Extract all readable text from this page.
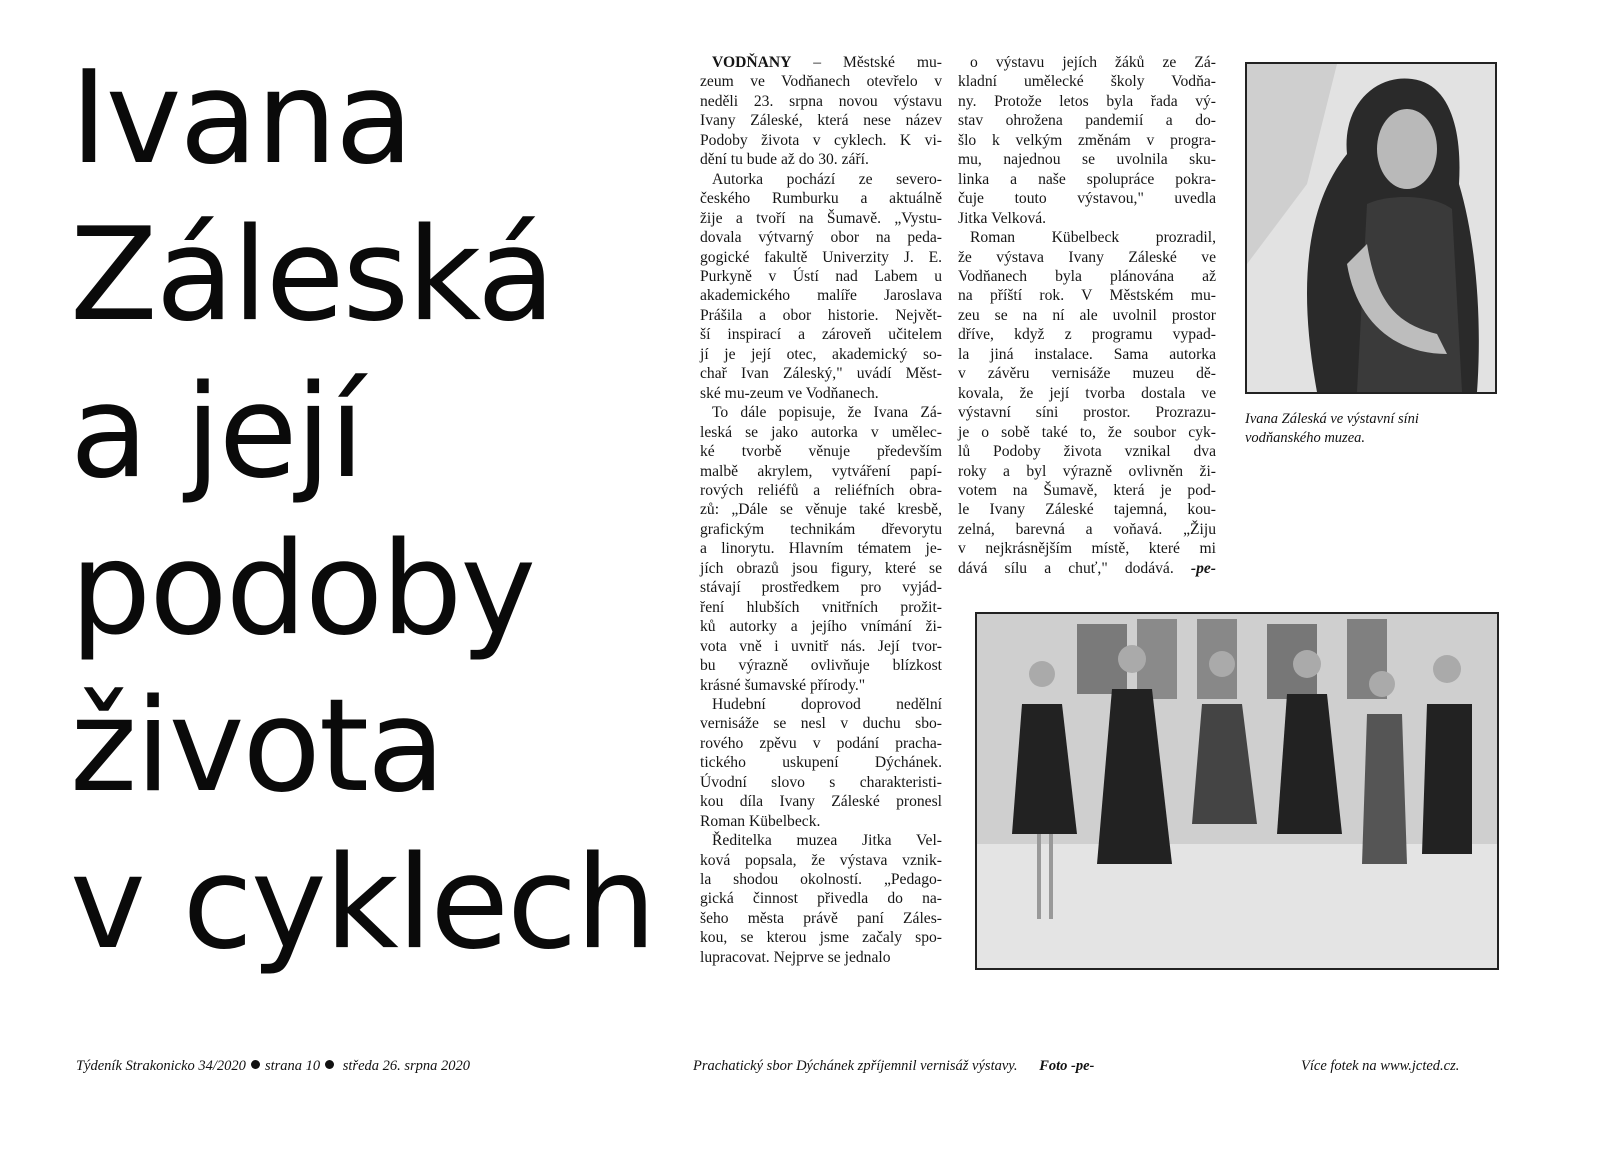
Ivana
Záleská
a její
podoby
života
v cyklech

VODŇANY – Městské mu-
zeum ve Vodňanech otevřelo v
neděli 23. srpna novou výstavu
Ivany Záleské, která nese název
Podoby života v cyklech. K vi-
dění tu bude až do 30. září.

Autorka pochází ze severo-
českého Rumburku a aktuálně
žije a tvoří na Šumavě. „Vystu-
dovala výtvarný obor na peda-
gogické fakultě Univerzity J. E.
Purkyně v Ústí nad Labem u
akademického malíře Jaroslava
Prášila a obor historie. Největ-
ší inspirací a zároveň učitelem
jí je její otec, akademický so-
chař Ivan Záleský," uvádí Měst-
ské mu-zeum ve Vodňanech.

To dále popisuje, že Ivana Zá-
leská se jako autorka v umělec-
ké tvorbě věnuje především
malbě akrylem, vytváření papí-
rových reliéfů a reliéfních obra-
zů: „Dále se věnuje také kresbě,
grafickým technikám dřevorytu
a linorytu. Hlavním tématem je-
jích obrazů jsou figury, které se
stávají prostředkem pro vyjád-
ření hlubších vnitřních prožit-
ků autorky a jejího vnímání ži-
vota vně i uvnitř nás. Její tvor-
bu výrazně ovlivňuje blízkost
krásné šumavské přírody."

Hudební doprovod nedělní
vernisáže se nesl v duchu sbo-
rového zpěvu v podání pracha-
tického uskupení Dýchánek.
Úvodní slovo s charakteristi-
kou díla Ivany Záleské pronesl
Roman Kübelbeck.

Ředitelka muzea Jitka Vel-
ková popsala, že výstava vznik-
la shodou okolností. „Pedago-
gická činnost přivedla do na-
šeho města právě paní Záles-
kou, se kterou jsme začaly spo-
lupracovat. Nejprve se jednalo

o výstavu jejích žáků ze Zá-
kladní umělecké školy Vodňa-
ny. Protože letos byla řada vý-
stav ohrožena pandemií a do-
šlo k velkým změnám v progra-
mu, najednou se uvolnila sku-
linka a naše spolupráce pokra-
čuje touto výstavou," uvedla
Jitka Velková.

Roman Kübelbeck prozradil,
že výstava Ivany Záleské ve
Vodňanech byla plánována až
na příští rok. V Městském mu-
zeu se na ní ale uvolnil prostor
dříve, když z programu vypad-
la jiná instalace. Sama autorka
v závěru vernisáže muzeu dě-
kovala, že její tvorba dostala ve
výstavní síni prostor. Prozrazu-
je o sobě také to, že soubor cyk-
lů Podoby života vznikal dva
roky a byl výrazně ovlivněn ži-
votem na Šumavě, která je pod-
le Ivany Záleské tajemná, kou-
zelná, barevná a voňavá. „Žiju
v nejkrásnějším místě, které mi
dává sílu a chuť," dodává. -pe-

Ivana Záleská ve výstavní síni
vodňanského muzea.
Týdeník Strakonicko 34/2020 strana 10 středa 26. srpna 2020	Prachatický sbor Dýchánek zpříjemnil vernisáž výstavy. Foto -pe-	Více fotek na www.jcted.cz.
